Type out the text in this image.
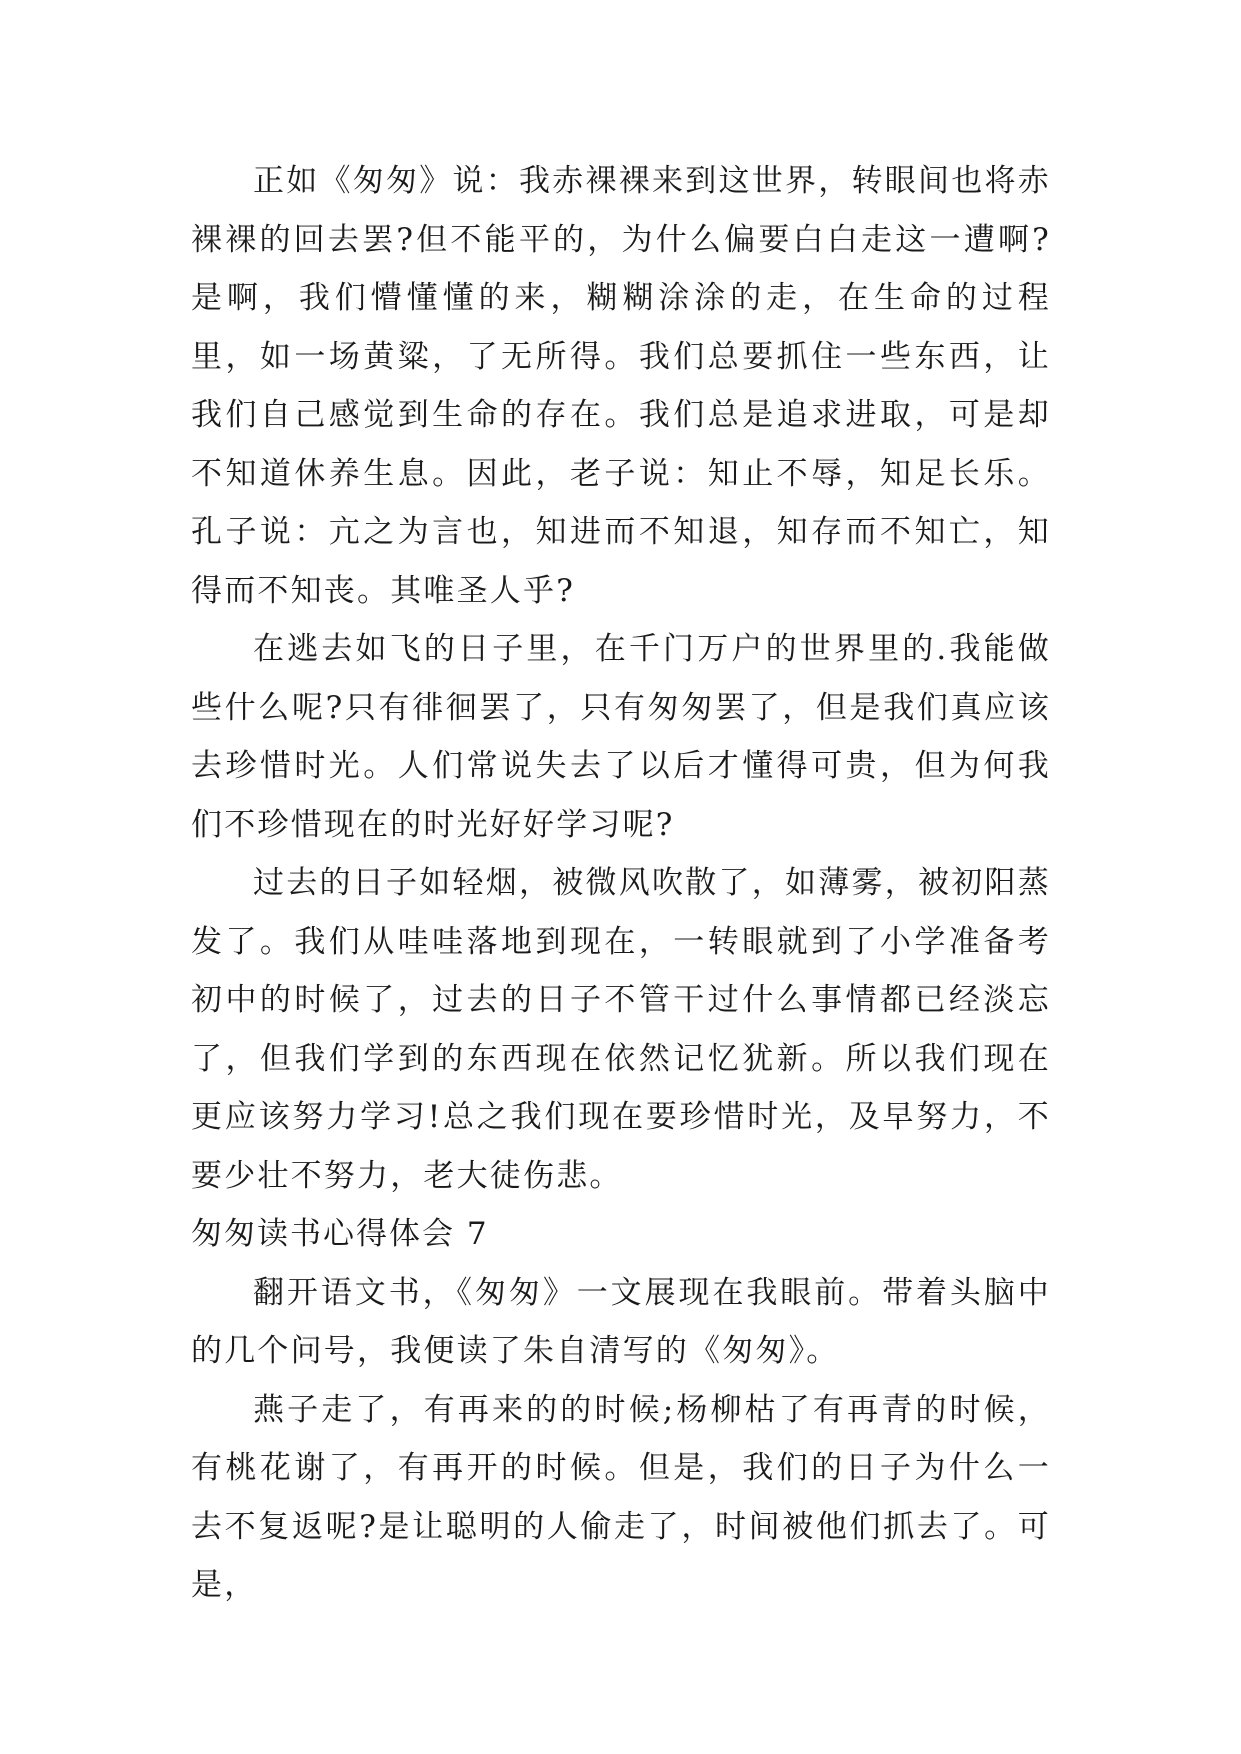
正如《匆匆》说：我赤裸裸来到这世界，转眼间也将赤裸裸的回去罢?但不能平的，为什么偏要白白走这一遭啊?是啊，我们懵懂懂的来，糊糊涂涂的走，在生命的过程里，如一场黄粱，了无所得。我们总要抓住一些东西，让我们自己感觉到生命的存在。我们总是追求进取，可是却不知道休养生息。因此，老子说：知止不辱，知足长乐。孔子说：亢之为言也，知进而不知退，知存而不知亡，知得而不知丧。其唯圣人乎?

在逃去如飞的日子里，在千门万户的世界里的.我能做些什么呢?只有徘徊罢了，只有匆匆罢了，但是我们真应该去珍惜时光。人们常说失去了以后才懂得可贵，但为何我们不珍惜现在的时光好好学习呢?

过去的日子如轻烟，被微风吹散了，如薄雾，被初阳蒸发了。我们从哇哇落地到现在，一转眼就到了小学准备考初中的时候了，过去的日子不管干过什么事情都已经淡忘了，但我们学到的东西现在依然记忆犹新。所以我们现在更应该努力学习!总之我们现在要珍惜时光，及早努力，不要少壮不努力，老大徒伤悲。

匆匆读书心得体会 7

翻开语文书，《匆匆》一文展现在我眼前。带着头脑中的几个问号，我便读了朱自清写的《匆匆》。

燕子走了，有再来的的时候;杨柳枯了有再青的时候，有桃花谢了，有再开的时候。但是，我们的日子为什么一去不复返呢?是让聪明的人偷走了，时间被他们抓去了。可是，
